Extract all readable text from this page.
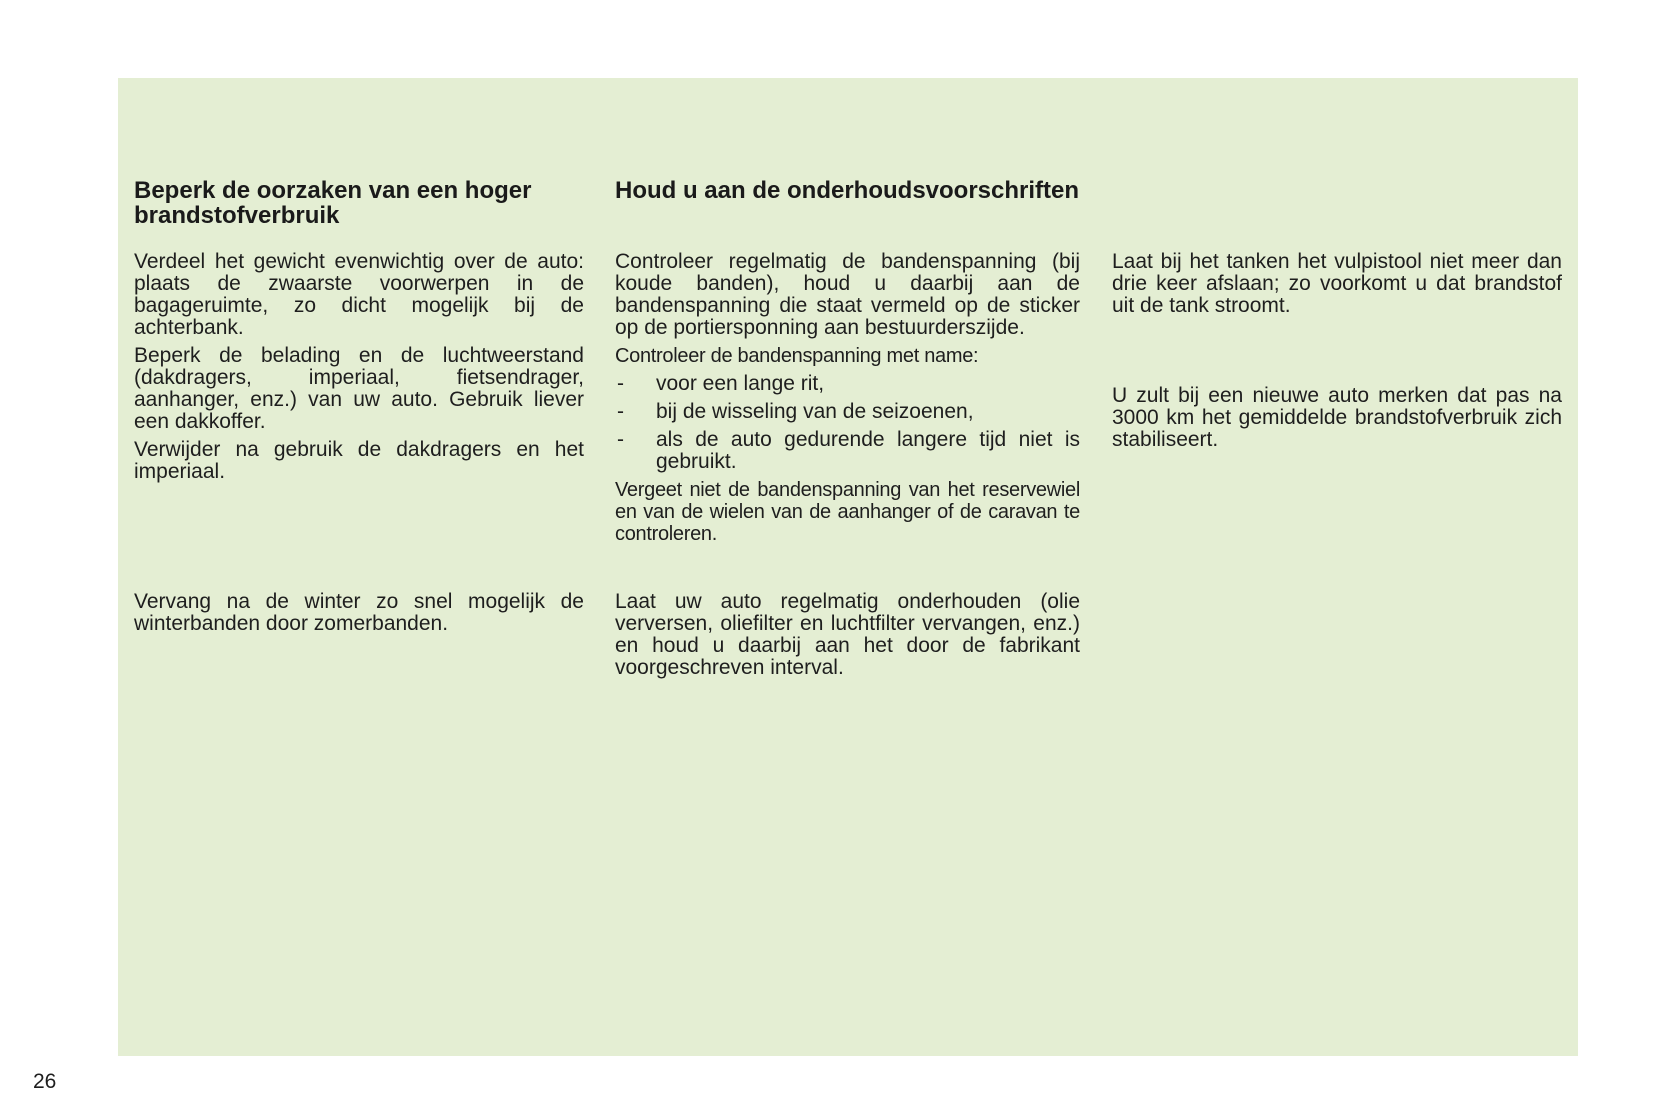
Beperk de oorzaken van een hoger brandstofverbruik

Verdeel het gewicht evenwichtig over de auto: plaats de zwaarste voorwerpen in de bagageruimte, zo dicht mogelijk bij de achterbank.

Beperk de belading en de luchtweerstand (dakdragers, imperiaal, fietsendrager, aanhanger, enz.) van uw auto. Gebruik liever een dakkoffer.

Verwijder na gebruik de dakdragers en het imperiaal.

Vervang na de winter zo snel mogelijk de winterbanden door zomerbanden.

Houd u aan de onderhoudsvoorschriften

Controleer regelmatig de bandenspanning (bij koude banden), houd u daarbij aan de bandenspanning die staat vermeld op de sticker op de portiersponning aan bestuurderszijde.

Controleer de bandenspanning met name:

- voor een lange rit,
- bij de wisseling van de seizoenen,
- als de auto gedurende langere tijd niet is gebruikt.

Vergeet niet de bandenspanning van het reservewiel en van de wielen van de aanhanger of de caravan te controleren.

Laat uw auto regelmatig onderhouden (olie verversen, oliefilter en luchtfilter vervangen, enz.) en houd u daarbij aan het door de fabrikant voorgeschreven interval.

Laat bij het tanken het vulpistool niet meer dan drie keer afslaan; zo voorkomt u dat brandstof uit de tank stroomt.

U zult bij een nieuwe auto merken dat pas na 3000 km het gemiddelde brandstofverbruik zich stabiliseert.

26
